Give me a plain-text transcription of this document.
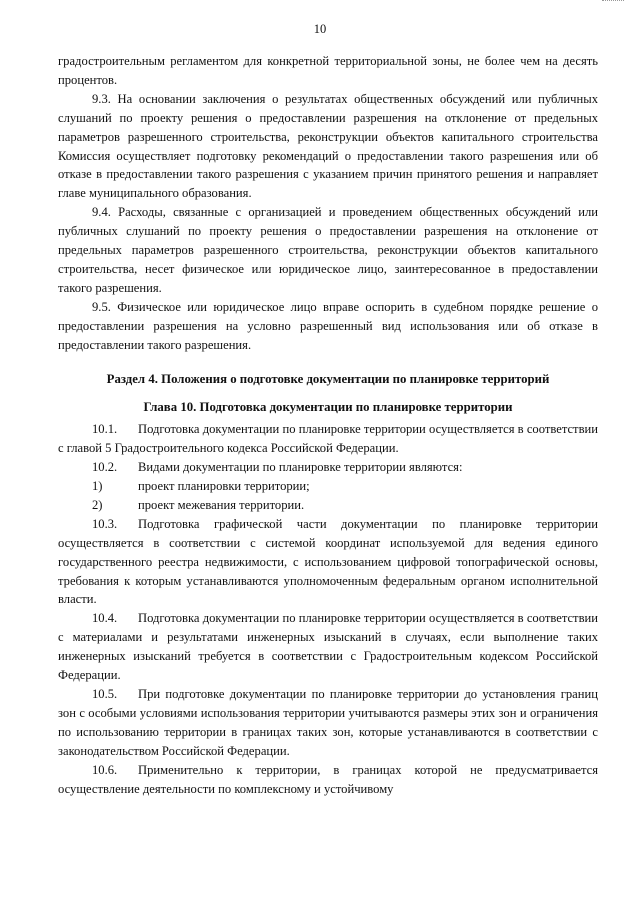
10

градостроительным регламентом для конкретной территориальной зоны, не более чем на десять процентов.

9.3. На основании заключения о результатах общественных обсуждений или публичных слушаний по проекту решения о предоставлении разрешения на отклонение от предельных параметров разрешенного строительства, реконструкции объектов капитального строительства Комиссия осуществляет подготовку рекомендаций о предоставлении такого разрешения или об отказе в предоставлении такого разрешения с указанием причин принятого решения и направляет главе муниципального образования.

9.4. Расходы, связанные с организацией и проведением общественных обсуждений или публичных слушаний по проекту решения о предоставлении разрешения на отклонение от предельных параметров разрешенного строительства, реконструкции объектов капитального строительства, несет физическое или юридическое лицо, заинтересованное в предоставлении такого разрешения.

9.5. Физическое или юридическое лицо вправе оспорить в судебном порядке решение о предоставлении разрешения на условно разрешенный вид использования или об отказе в предоставлении такого разрешения.

Раздел 4. Положения о подготовке документации по планировке территорий

Глава 10. Подготовка документации по планировке территории

10.1. Подготовка документации по планировке территории осуществляется в соответствии с главой 5 Градостроительного кодекса Российской Федерации.

10.2. Видами документации по планировке территории являются:

1)	проект планировки территории;

2)	проект межевания территории.

10.3. Подготовка графической части документации по планировке территории осуществляется в соответствии с системой координат используемой для ведения единого государственного реестра недвижимости, с использованием цифровой топографической основы, требования к которым устанавливаются уполномоченным федеральным органом исполнительной власти.

10.4. Подготовка документации по планировке территории осуществляется в соответствии с материалами и результатами инженерных изысканий в случаях, если выполнение таких инженерных изысканий требуется в соответствии с Градостроительным кодексом Российской Федерации.

10.5. При подготовке документации по планировке территории до установления границ зон с особыми условиями использования территории учитываются размеры этих зон и ограничения по использованию территории в границах таких зон, которые устанавливаются в соответствии с законодательством Российской Федерации.

10.6. Применительно к территории, в границах которой не предусматривается осуществление деятельности по комплексному и устойчивому
